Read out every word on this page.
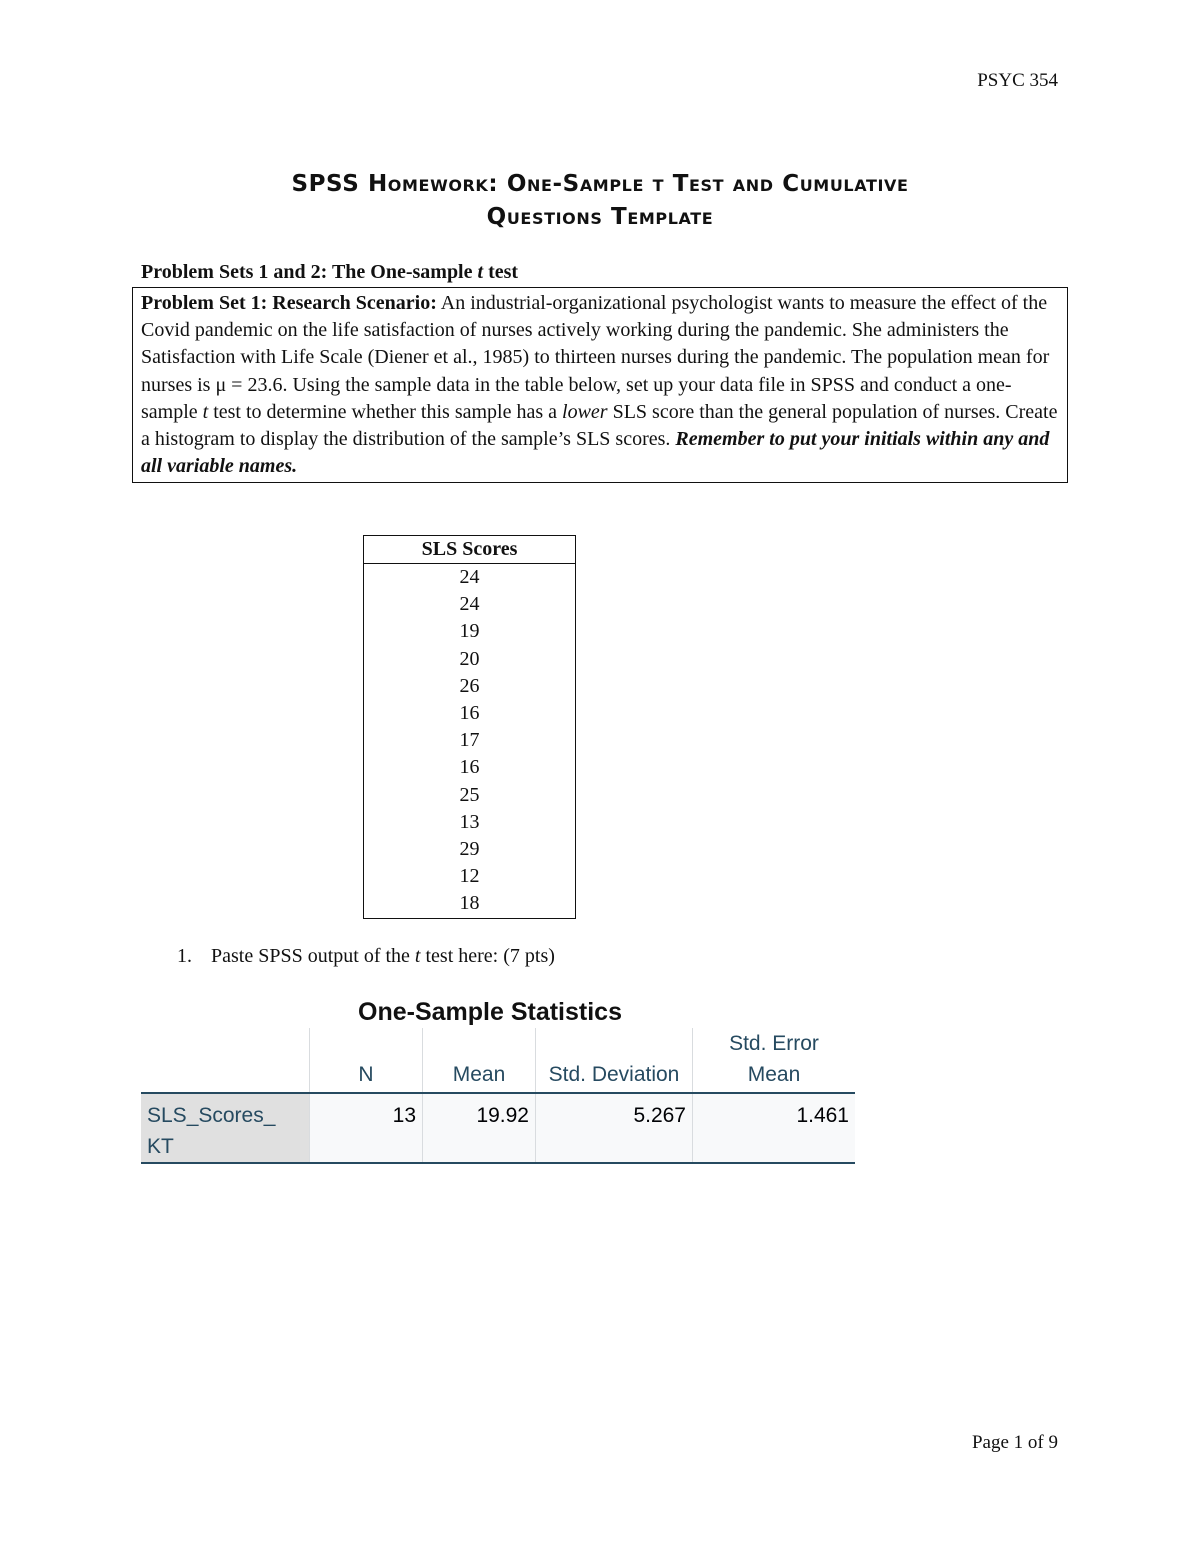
PSYC 354
SPSS Homework: One-Sample t Test and Cumulative
Questions Template
Problem Sets 1 and 2: The One-sample t test
Problem Set 1: Research Scenario: An industrial-organizational psychologist wants to measure the effect of the Covid pandemic on the life satisfaction of nurses actively working during the pandemic. She administers the Satisfaction with Life Scale (Diener et al., 1985) to thirteen nurses during the pandemic. The population mean for nurses is μ = 23.6. Using the sample data in the table below, set up your data file in SPSS and conduct a one-sample t test to determine whether this sample has a lower SLS score than the general population of nurses. Create a histogram to display the distribution of the sample’s SLS scores. Remember to put your initials within any and all variable names.
SLS Scores
24
24
19
20
26
16
17
16
25
13
29
12
18
1. Paste SPSS output of the t test here: (7 pts)
One-Sample Statistics
	N	Mean	Std. Deviation	Std. Error
Mean

SLS_Scores_
KT	13	19.92	5.267	1.461
Page 1 of 9
